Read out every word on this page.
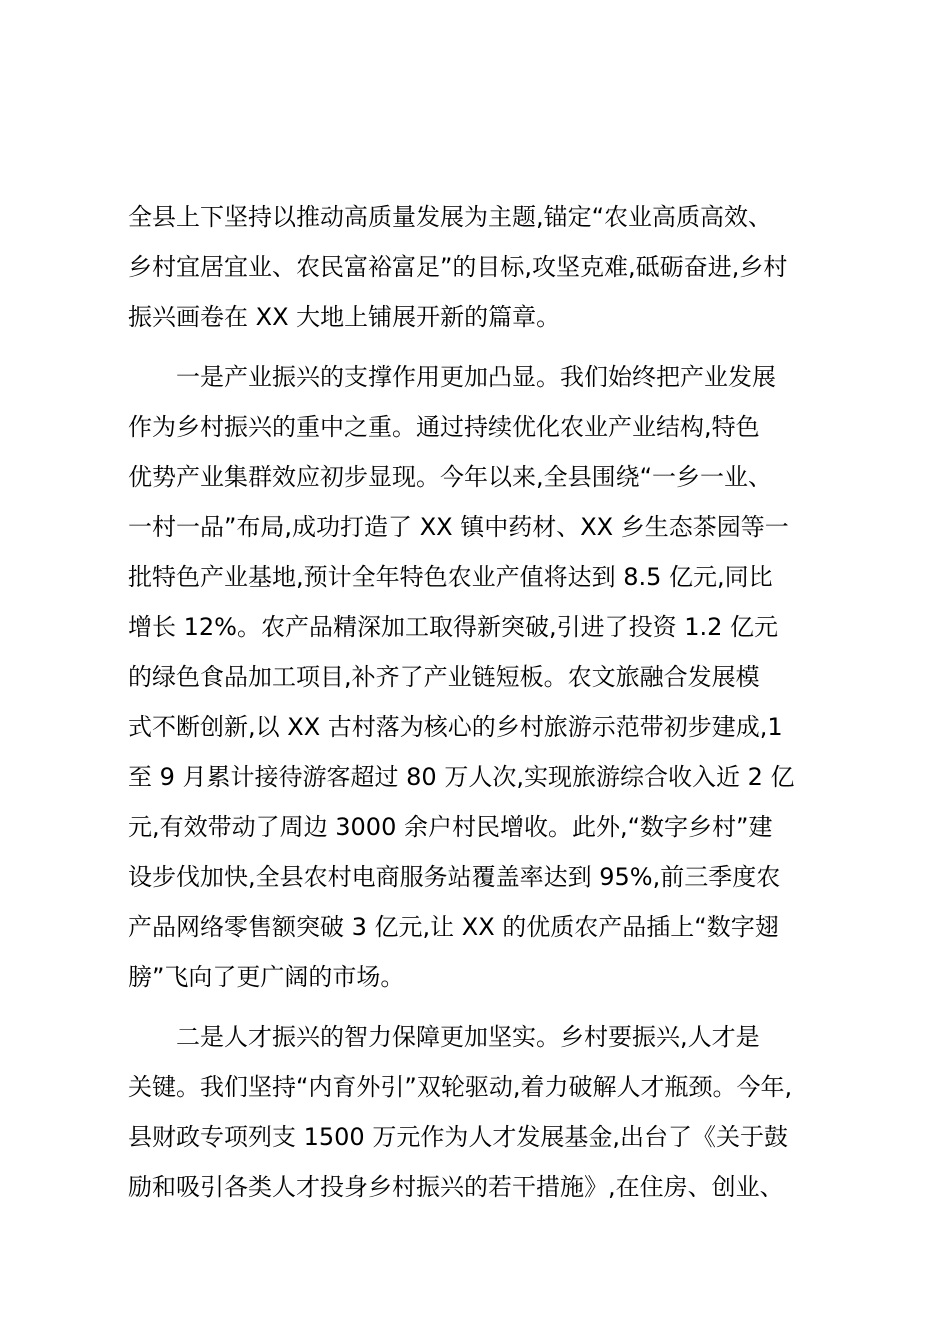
全县上下坚持以推动高质量发展为主题,锚定“农业高质高效、
乡村宜居宜业、农民富裕富足”的目标,攻坚克难,砥砺奋进,乡村
振兴画卷在 XX 大地上铺展开新的篇章。

一是产业振兴的支撑作用更加凸显。我们始终把产业发展
作为乡村振兴的重中之重。通过持续优化农业产业结构,特色
优势产业集群效应初步显现。今年以来,全县围绕“一乡一业、
一村一品”布局,成功打造了 XX 镇中药材、XX 乡生态茶园等一
批特色产业基地,预计全年特色农业产值将达到 8.5 亿元,同比
增长 12%。农产品精深加工取得新突破,引进了投资 1.2 亿元
的绿色食品加工项目,补齐了产业链短板。农文旅融合发展模
式不断创新,以 XX 古村落为核心的乡村旅游示范带初步建成,1
至 9 月累计接待游客超过 80 万人次,实现旅游综合收入近 2 亿
元,有效带动了周边 3000 余户村民增收。此外,“数字乡村”建
设步伐加快,全县农村电商服务站覆盖率达到 95%,前三季度农
产品网络零售额突破 3 亿元,让 XX 的优质农产品插上“数字翅
膀”飞向了更广阔的市场。

二是人才振兴的智力保障更加坚实。乡村要振兴,人才是
关键。我们坚持“内育外引”双轮驱动,着力破解人才瓶颈。今年,
县财政专项列支 1500 万元作为人才发展基金,出台了《关于鼓
励和吸引各类人才投身乡村振兴的若干措施》,在住房、创业、
